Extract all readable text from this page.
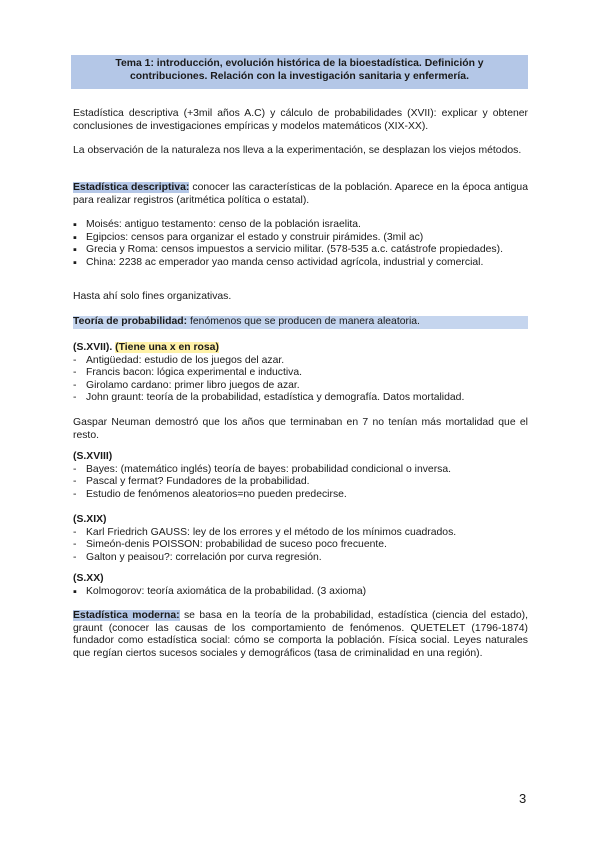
Tema 1: introducción, evolución histórica de la bioestadística. Definición y
contribuciones. Relación con la investigación sanitaria y enfermería.

Estadística descriptiva (+3mil años A.C) y cálculo de probabilidades (XVII): explicar y obtener conclusiones de investigaciones empíricas y modelos matemáticos (XIX-XX).

La observación de la naturaleza nos lleva a la experimentación, se desplazan los viejos métodos.

Estadística descriptiva: conocer las características de la población. Aparece en la época antigua para realizar registros (aritmética política o estatal).

▪ Moisés: antiguo testamento: censo de la población israelita.
▪ Egipcios: censos para organizar el estado y construir pirámides. (3mil ac)
▪ Grecia y Roma: censos impuestos a servicio militar. (578-535 a.c. catástrofe propiedades).
▪ China: 2238 ac emperador yao manda censo actividad agrícola, industrial y comercial.

Hasta ahí solo fines organizativas.

Teoría de probabilidad: fenómenos que se producen de manera aleatoria.

(S.XVII). (Tiene una x en rosa)

- Antigüedad: estudio de los juegos del azar.
- Francis bacon: lógica experimental e inductiva.
- Girolamo cardano: primer libro juegos de azar.
- John graunt: teoría de la probabilidad, estadística y demografía. Datos mortalidad.

Gaspar Neuman demostró que los años que terminaban en 7 no tenían más mortalidad que el resto.

(S.XVIII)

- Bayes: (matemático inglés) teoría de bayes: probabilidad condicional o inversa.
- Pascal y fermat? Fundadores de la probabilidad.
- Estudio de fenómenos aleatorios=no pueden predecirse.

(S.XIX)

- Karl Friedrich GAUSS: ley de los errores y el método de los mínimos cuadrados.
- Simeón-denis POISSON: probabilidad de suceso poco frecuente.
- Galton y peaisou?: correlación por curva regresión.

(S.XX)

▪ Kolmogorov: teoría axiomática de la probabilidad. (3 axioma)

Estadística moderna: se basa en la teoría de la probabilidad, estadística (ciencia del estado), graunt (conocer las causas de los comportamiento de fenómenos. QUETELET (1796-1874) fundador como estadística social: cómo se comporta la población. Física social. Leyes naturales que regían ciertos sucesos sociales y demográficos (tasa de criminalidad en una región).

3
